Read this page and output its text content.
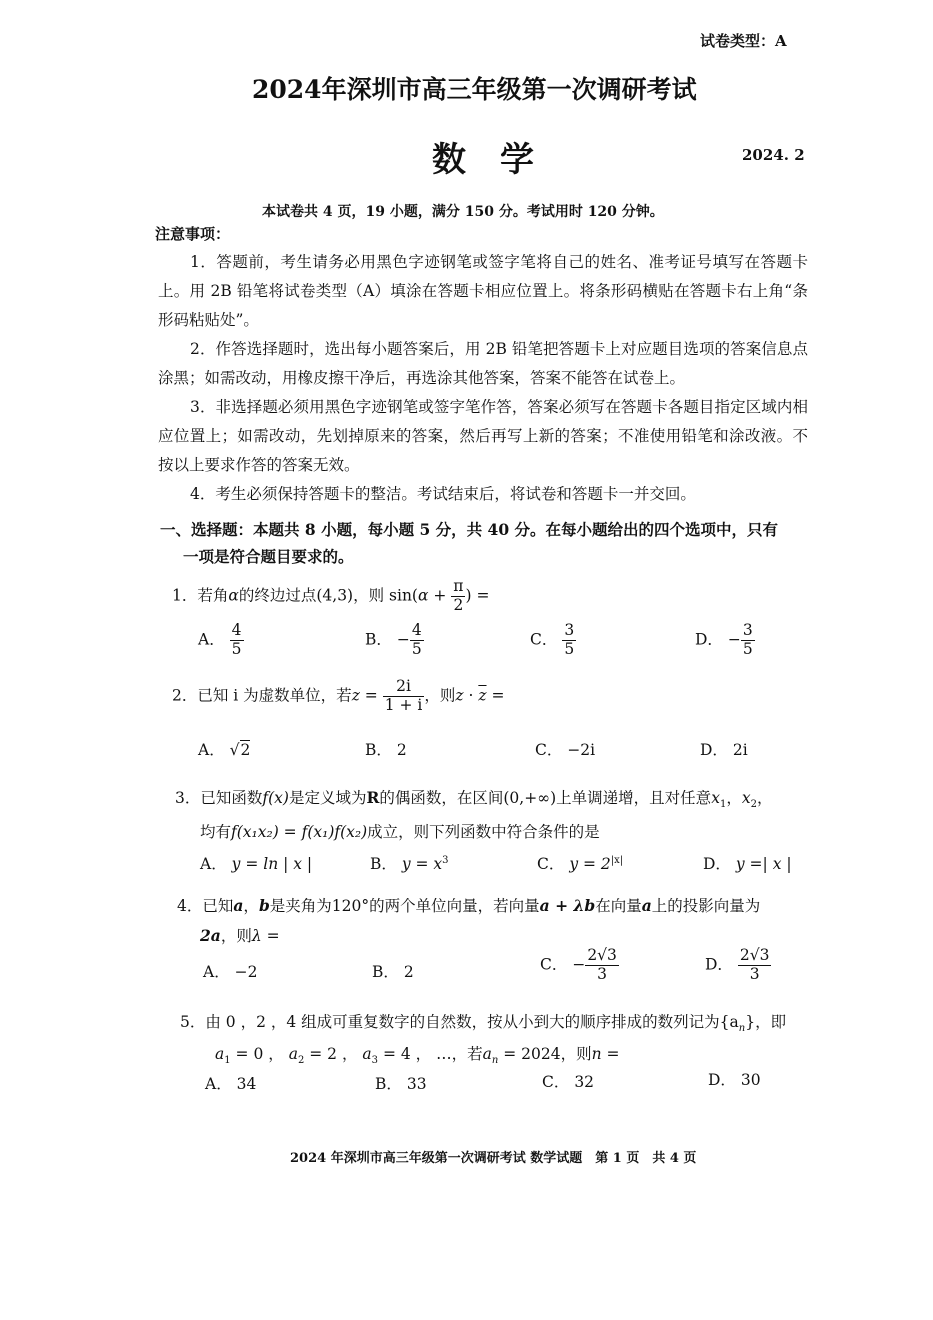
试卷类型：A
2024年深圳市高三年级第一次调研考试
数　学	2024. 2
本试卷共 4 页，19 小题，满分 150 分。考试用时 120 分钟。
注意事项：
1．答题前，考生请务必用黑色字迹钢笔或签字笔将自己的姓名、准考证号填写在答题卡上。用 2B 铅笔将试卷类型（A）填涂在答题卡相应位置上。将条形码横贴在答题卡右上角“条形码粘贴处”。
2．作答选择题时，选出每小题答案后，用 2B 铅笔把答题卡上对应题目选项的答案信息点涂黑；如需改动，用橡皮擦干净后，再选涂其他答案，答案不能答在试卷上。
3．非选择题必须用黑色字迹钢笔或签字笔作答，答案必须写在答题卡各题目指定区域内相应位置上；如需改动，先划掉原来的答案，然后再写上新的答案；不准使用铅笔和涂改液。不按以上要求作答的答案无效。
4．考生必须保持答题卡的整洁。考试结束后，将试卷和答题卡一并交回。
一、选择题：本题共 8 小题，每小题 5 分，共 40 分。在每小题给出的四个选项中，只有
一项是符合题目要求的。
1．若角α的终边过点(4,3)，则 $\sin(\alpha + \frac{\pi}{2}$ ) =
A． $\frac{4}{5}$	B． − $\frac{4}{5}$	C． $\frac{3}{5}$	D． − $\frac{3}{5}$
2．已知 i 为虚数单位，若$z = \frac{2i}{1 + i}$ ，则$z \cdot \overline{z}$ =
A． √2	B． 2	C． −2i	D． 2i
3．已知函数f(x)是定义域为R的偶函数，在区间(0,+∞)上单调递增，且对任意$x_1$，$x_2$，
均有f(x₁x₂) = f(x₁)f(x₂)成立，则下列函数中符合条件的是
A． y = ln | x |	B． $y = x^3$	C． $y = 2^{|x|}$	D． y =| x |
4．已知a，b是夹角为120°的两个单位向量，若向量a + λb在向量a上的投影向量为
2a，则λ =
A． −2	B． 2	C． − $\frac{2√3}{3}$	D． $\frac{2√3}{3}$
5．由 0 ，2 ，4 组成可重复数字的自然数，按从小到大的顺序排成的数列记为$\{a_n\}$，即
$a_1 = 0$ ， $a_2 = 2$ ， $a_3 = 4$ ， …，若$a_n = 2024$，则n =
A． 34	B． 33	C． 32	D． 30
2024 年深圳市高三年级第一次调研考试 数学试题　第 1 页　共 4 页
